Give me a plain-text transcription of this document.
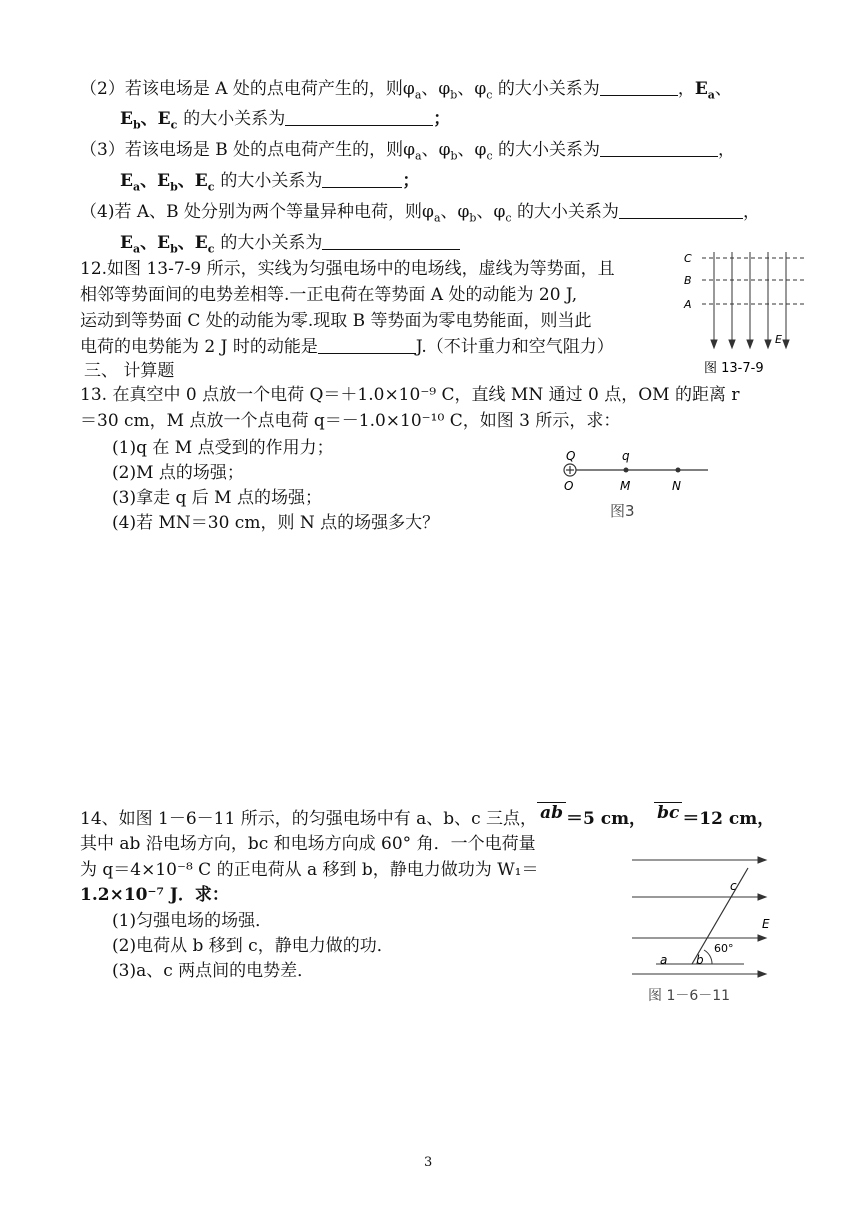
（2）若该电场是 A 处的点电荷产生的，则$\varphi_a$、$\varphi_b$、$\varphi_c$ 的大小关系为	，$E_a$、
$E_b$、$E_c$ 的大小关系为	；
（3）若该电场是 B 处的点电荷产生的，则$\varphi_a$、$\varphi_b$、$\varphi_c$ 的大小关系为	，
$E_a$、$E_b$、$E_c$ 的大小关系为	；
（4)若 A、B 处分别为两个等量异种电荷，则$\varphi_a$、$\varphi_b$、$\varphi_c$ 的大小关系为	，
$E_a$、$E_b$、$E_c$ 的大小关系为
12.如图 13-7-9 所示，实线为匀强电场中的电场线，虚线为等势面，且
相邻等势面间的电势差相等.一正电荷在等势面 A 处的动能为 20 J,
运动到等势面 C 处的动能为零.现取 B 等势面为零电势能面，则当此
电荷的电势能为 2 J 时的动能是	J.（不计重力和空气阻力）
C
B
A
E
图 13-7-9
三、 计算题
13. 在真空中 0 点放一个电荷 Q＝＋1.0×10⁻⁹ C，直线 MN 通过 0 点，OM 的距离 r
＝30 cm，M 点放一个点电荷 q＝－1.0×10⁻¹⁰ C，如图 3 所示，求：
(1)q 在 M 点受到的作用力；
(2)M 点的场强；
(3)拿走 q 后 M 点的场强；
(4)若 MN＝30 cm，则 N 点的场强多大？
Q	q
O	M	N
图3
14、如图 1－6－11 所示，的匀强电场中有 a、b、c 三点， ab ＝5 cm， bc ＝12 cm，
其中 ab 沿电场方向，bc 和电场方向成 60° 角．一个电荷量
为 q＝4×10⁻⁸ C 的正电荷从 a 移到 b，静电力做功为 W₁＝
1.2×10⁻⁷ J．求：
(1)匀强电场的场强．
(2)电荷从 b 移到 c，静电力做的功．
(3)a、c 两点间的电势差．
c
E
60°
a b
图 1－6－11
3
